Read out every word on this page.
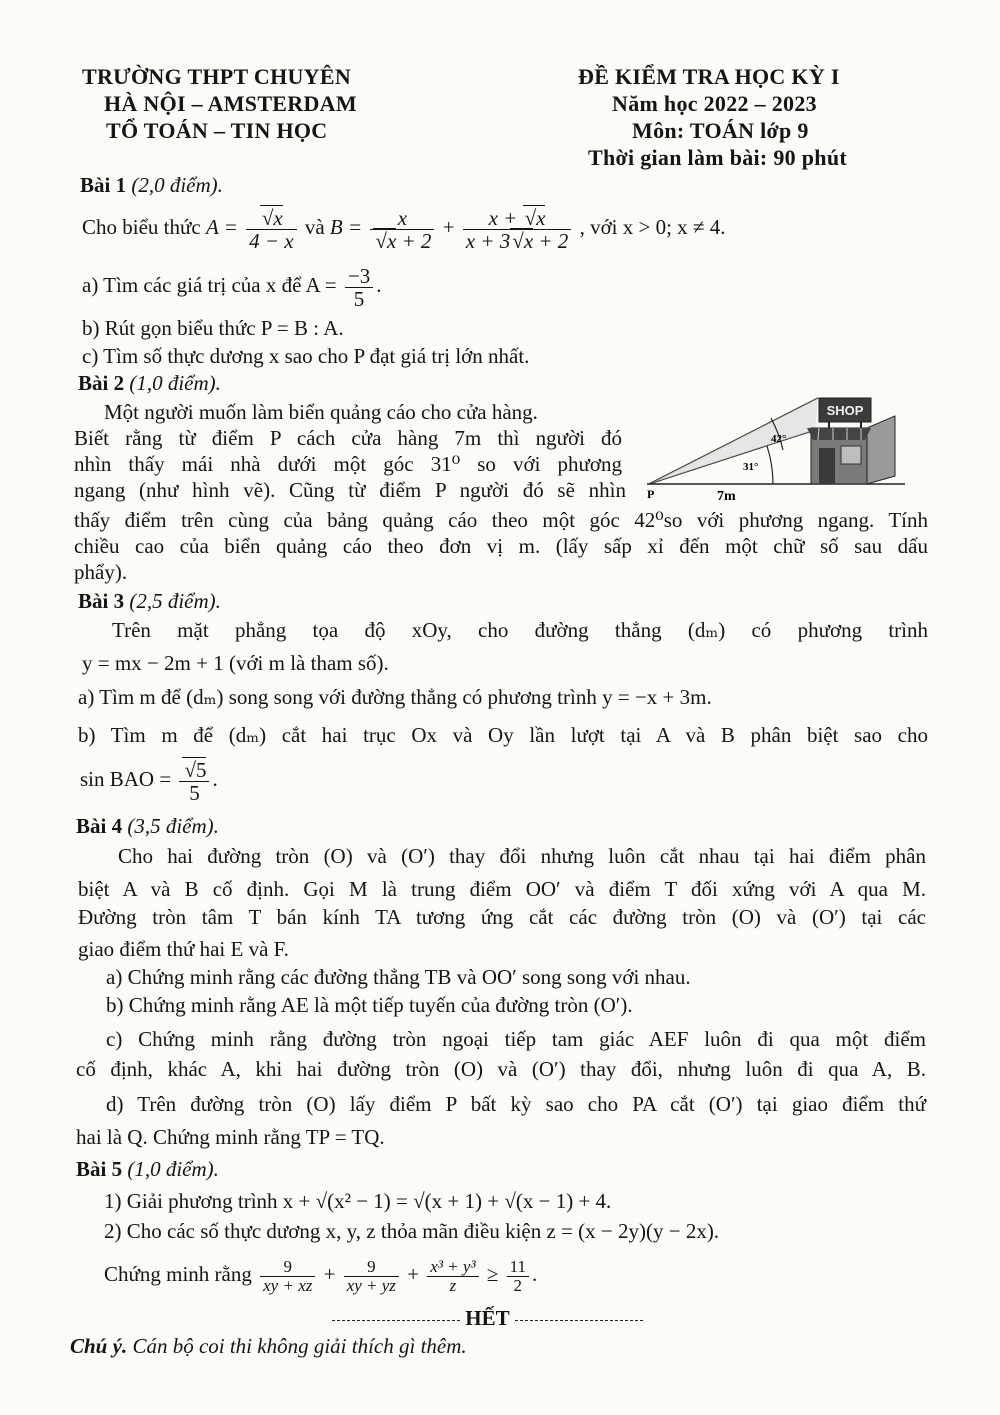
TRƯỜNG THPT CHUYÊN
HÀ NỘI – AMSTERDAM
TỔ TOÁN – TIN HỌC
ĐỀ KIỂM TRA HỌC KỲ I
Năm học 2022 – 2023
Môn: TOÁN lớp 9
Thời gian làm bài: 90 phút
Bài 1 (2,0 điểm).
Cho biểu thức A = √ $\frac{x}{4 - x}$ và B = x
√ $x + 2 + \frac{x + √ x}{x + 3 √ x + 2}$ , với x > 0; x ≠ 4.
a) Tìm các giá trị của x để $A = \frac{-3}{5}$ .
b) Rút gọn biểu thức P = B : A.
c) Tìm số thực dương x sao cho P đạt giá trị lớn nhất.
Bài 2 (1,0 điểm).
Một người muốn làm biển quảng cáo cho cửa hàng.
Biết rằng từ điểm P cách cửa hàng 7m thì người đó
nhìn thấy mái nhà dưới một góc 31⁰ so với phương
ngang (như hình vẽ). Cũng từ điểm P người đó sẽ nhìn
thấy điểm trên cùng của bảng quảng cáo theo một góc 42⁰so với phương ngang. Tính
chiều cao của biển quảng cáo theo đơn vị m. (lấy sấp xỉ đến một chữ số sau dấu
phẩy).
SHOP
31°
42°
P	7m
Bài 3 (2,5 điểm).
Trên mặt phẳng tọa độ xOy, cho đường thẳng (dₘ) có phương trình
y = mx − 2m + 1 (với m là tham số).
a) Tìm m để (dₘ) song song với đường thẳng có phương trình y = −x + 3m.
b) Tìm m để (dₘ) cắt hai trục Ox và Oy lần lượt tại A và B phân biệt sao cho
sin BAO = √ $\frac{5}{5}$ .
Bài 4 (3,5 điểm).
Cho hai đường tròn (O) và (O′) thay đổi nhưng luôn cắt nhau tại hai điểm phân
biệt A và B cố định. Gọi M là trung điểm OO′ và điểm T đối xứng với A qua M.
Đường tròn tâm T bán kính TA tương ứng cắt các đường tròn (O) và (O′) tại các
giao điểm thứ hai E và F.
a) Chứng minh rằng các đường thẳng TB và OO′ song song với nhau.
b) Chứng minh rằng AE là một tiếp tuyến của đường tròn (O′).
c) Chứng minh rằng đường tròn ngoại tiếp tam giác AEF luôn đi qua một điểm
cố định, khác A, khi hai đường tròn (O) và (O′) thay đổi, nhưng luôn đi qua A, B.
d) Trên đường tròn (O) lấy điểm P bất kỳ sao cho PA cắt (O′) tại giao điểm thứ
hai là Q. Chứng minh rằng TP = TQ.
Bài 5 (1,0 điểm).
1) Giải phương trình x + √(x² − 1) = √(x + 1) + √(x − 1) + 4.
2) Cho các số thực dương x, y, z thỏa mãn điều kiện z = (x − 2y)(y − 2x).
Chứng minh rằng $\frac{9}{xy + xz} + \frac{9}{xy + yz} + \frac{\text{x³ + y³}}{z} \ge \frac{11}{2}$ .
HẾT
Chú ý. Cán bộ coi thi không giải thích gì thêm.
